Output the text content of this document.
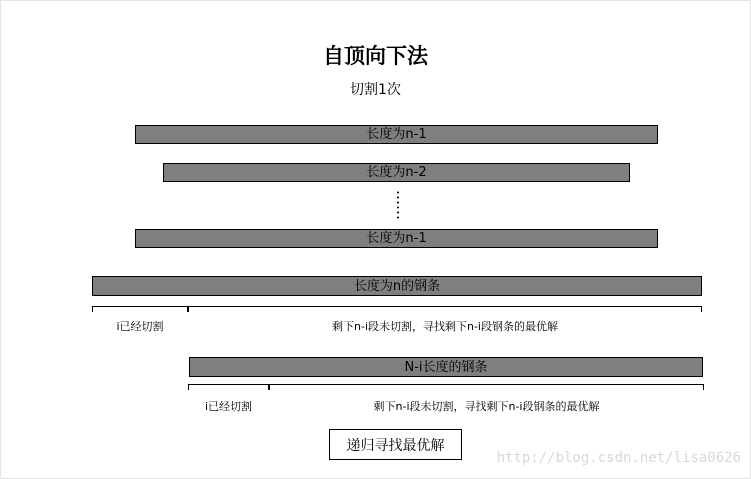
自顶向下法
切割1次
长度为n-1
长度为n-2
长度为n-1
长度为n的钢条
i已经切割	剩下n-i段未切割，寻找剩下n-i段钢条的最优解
N-i长度的钢条
i已经切割	剩下n-i段未切割，寻找剩下n-i段钢条的最优解
递归寻找最优解
http://blog.csdn.net/lisa0626
